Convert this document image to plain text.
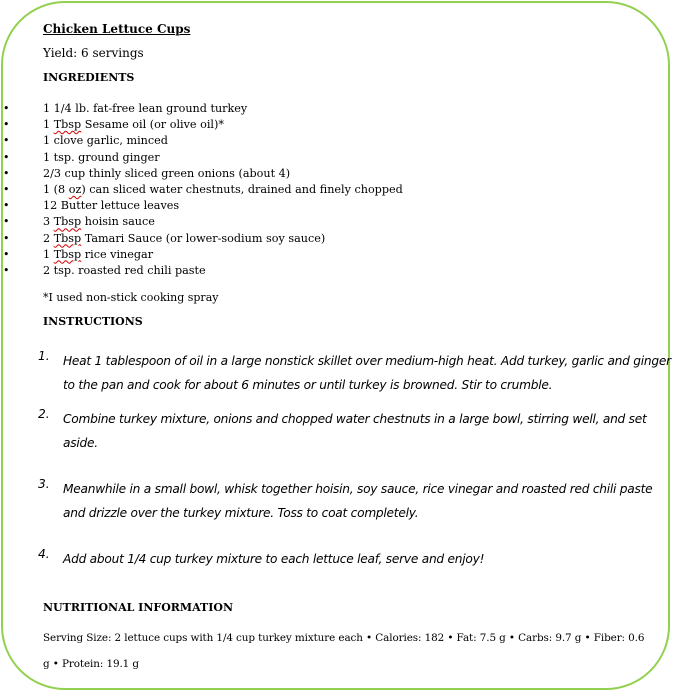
Chicken Lettuce Cups
Yield: 6 servings
INGREDIENTS
•	1 1/4 lb. fat-free lean ground turkey
•	1 Tbsp Sesame oil (or olive oil)*
•	1 clove garlic, minced
•	1 tsp. ground ginger
•	2/3 cup thinly sliced green onions (about 4)
•	1 (8 oz) can sliced water chestnuts, drained and finely chopped
•	12 Butter lettuce leaves
•	3 Tbsp hoisin sauce
•	2 Tbsp Tamari Sauce (or lower-sodium soy sauce)
•	1 Tbsp rice vinegar
•	2 tsp. roasted red chili paste
*I used non-stick cooking spray
INSTRUCTIONS
1. Heat 1 tablespoon of oil in a large nonstick skillet over medium-high heat. Add turkey, garlic and ginger to the pan and cook for about 6 minutes or until turkey is browned. Stir to crumble.
2. Combine turkey mixture, onions and chopped water chestnuts in a large bowl, stirring well, and set aside.
3. Meanwhile in a small bowl, whisk together hoisin, soy sauce, rice vinegar and roasted red chili paste and drizzle over the turkey mixture. Toss to coat completely.
4. Add about 1/4 cup turkey mixture to each lettuce leaf, serve and enjoy!
NUTRITIONAL INFORMATION
Serving Size: 2 lettuce cups with 1/4 cup turkey mixture each • Calories: 182 • Fat: 7.5 g • Carbs: 9.7 g • Fiber: 0.6 g • Protein: 19.1 g
